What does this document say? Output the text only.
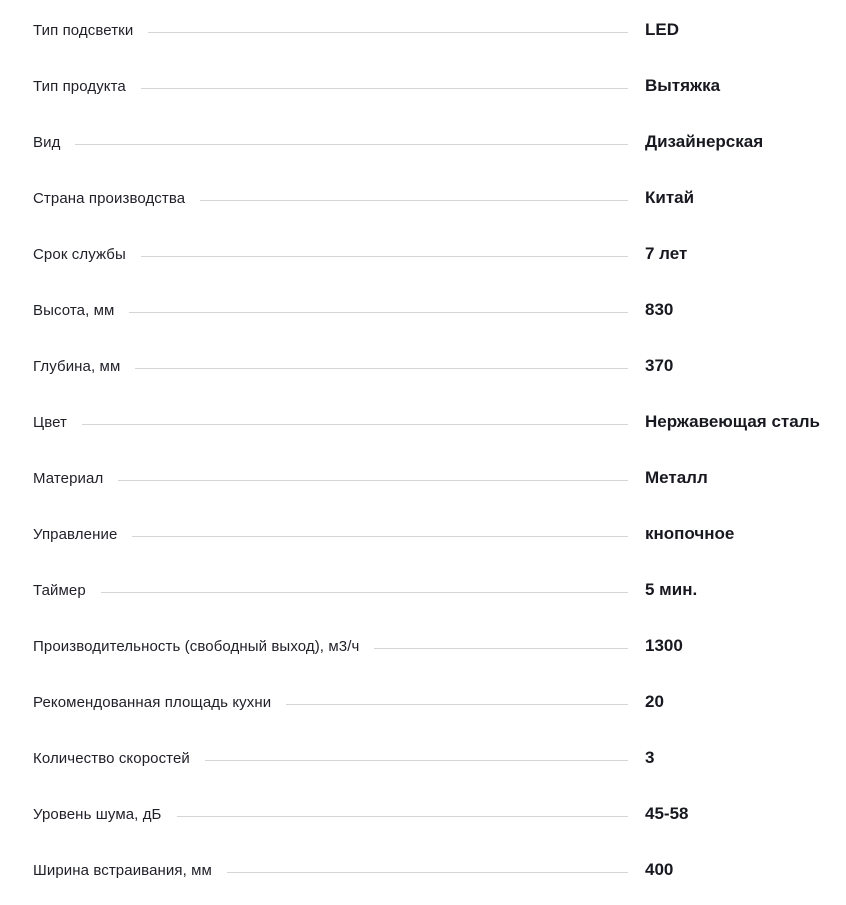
Тип подсветки	LED
Тип продукта	Вытяжка
Вид	Дизайнерская
Страна производства	Китай
Срок службы	7 лет
Высота, мм	830
Глубина, мм	370
Цвет	Нержавеющая сталь
Материал	Металл
Управление	кнопочное
Таймер	5 мин.
Производительность (свободный выход), м3/ч	1300
Рекомендованная площадь кухни	20
Количество скоростей	3
Уровень шума, дБ	45-58
Ширина встраивания, мм	400
